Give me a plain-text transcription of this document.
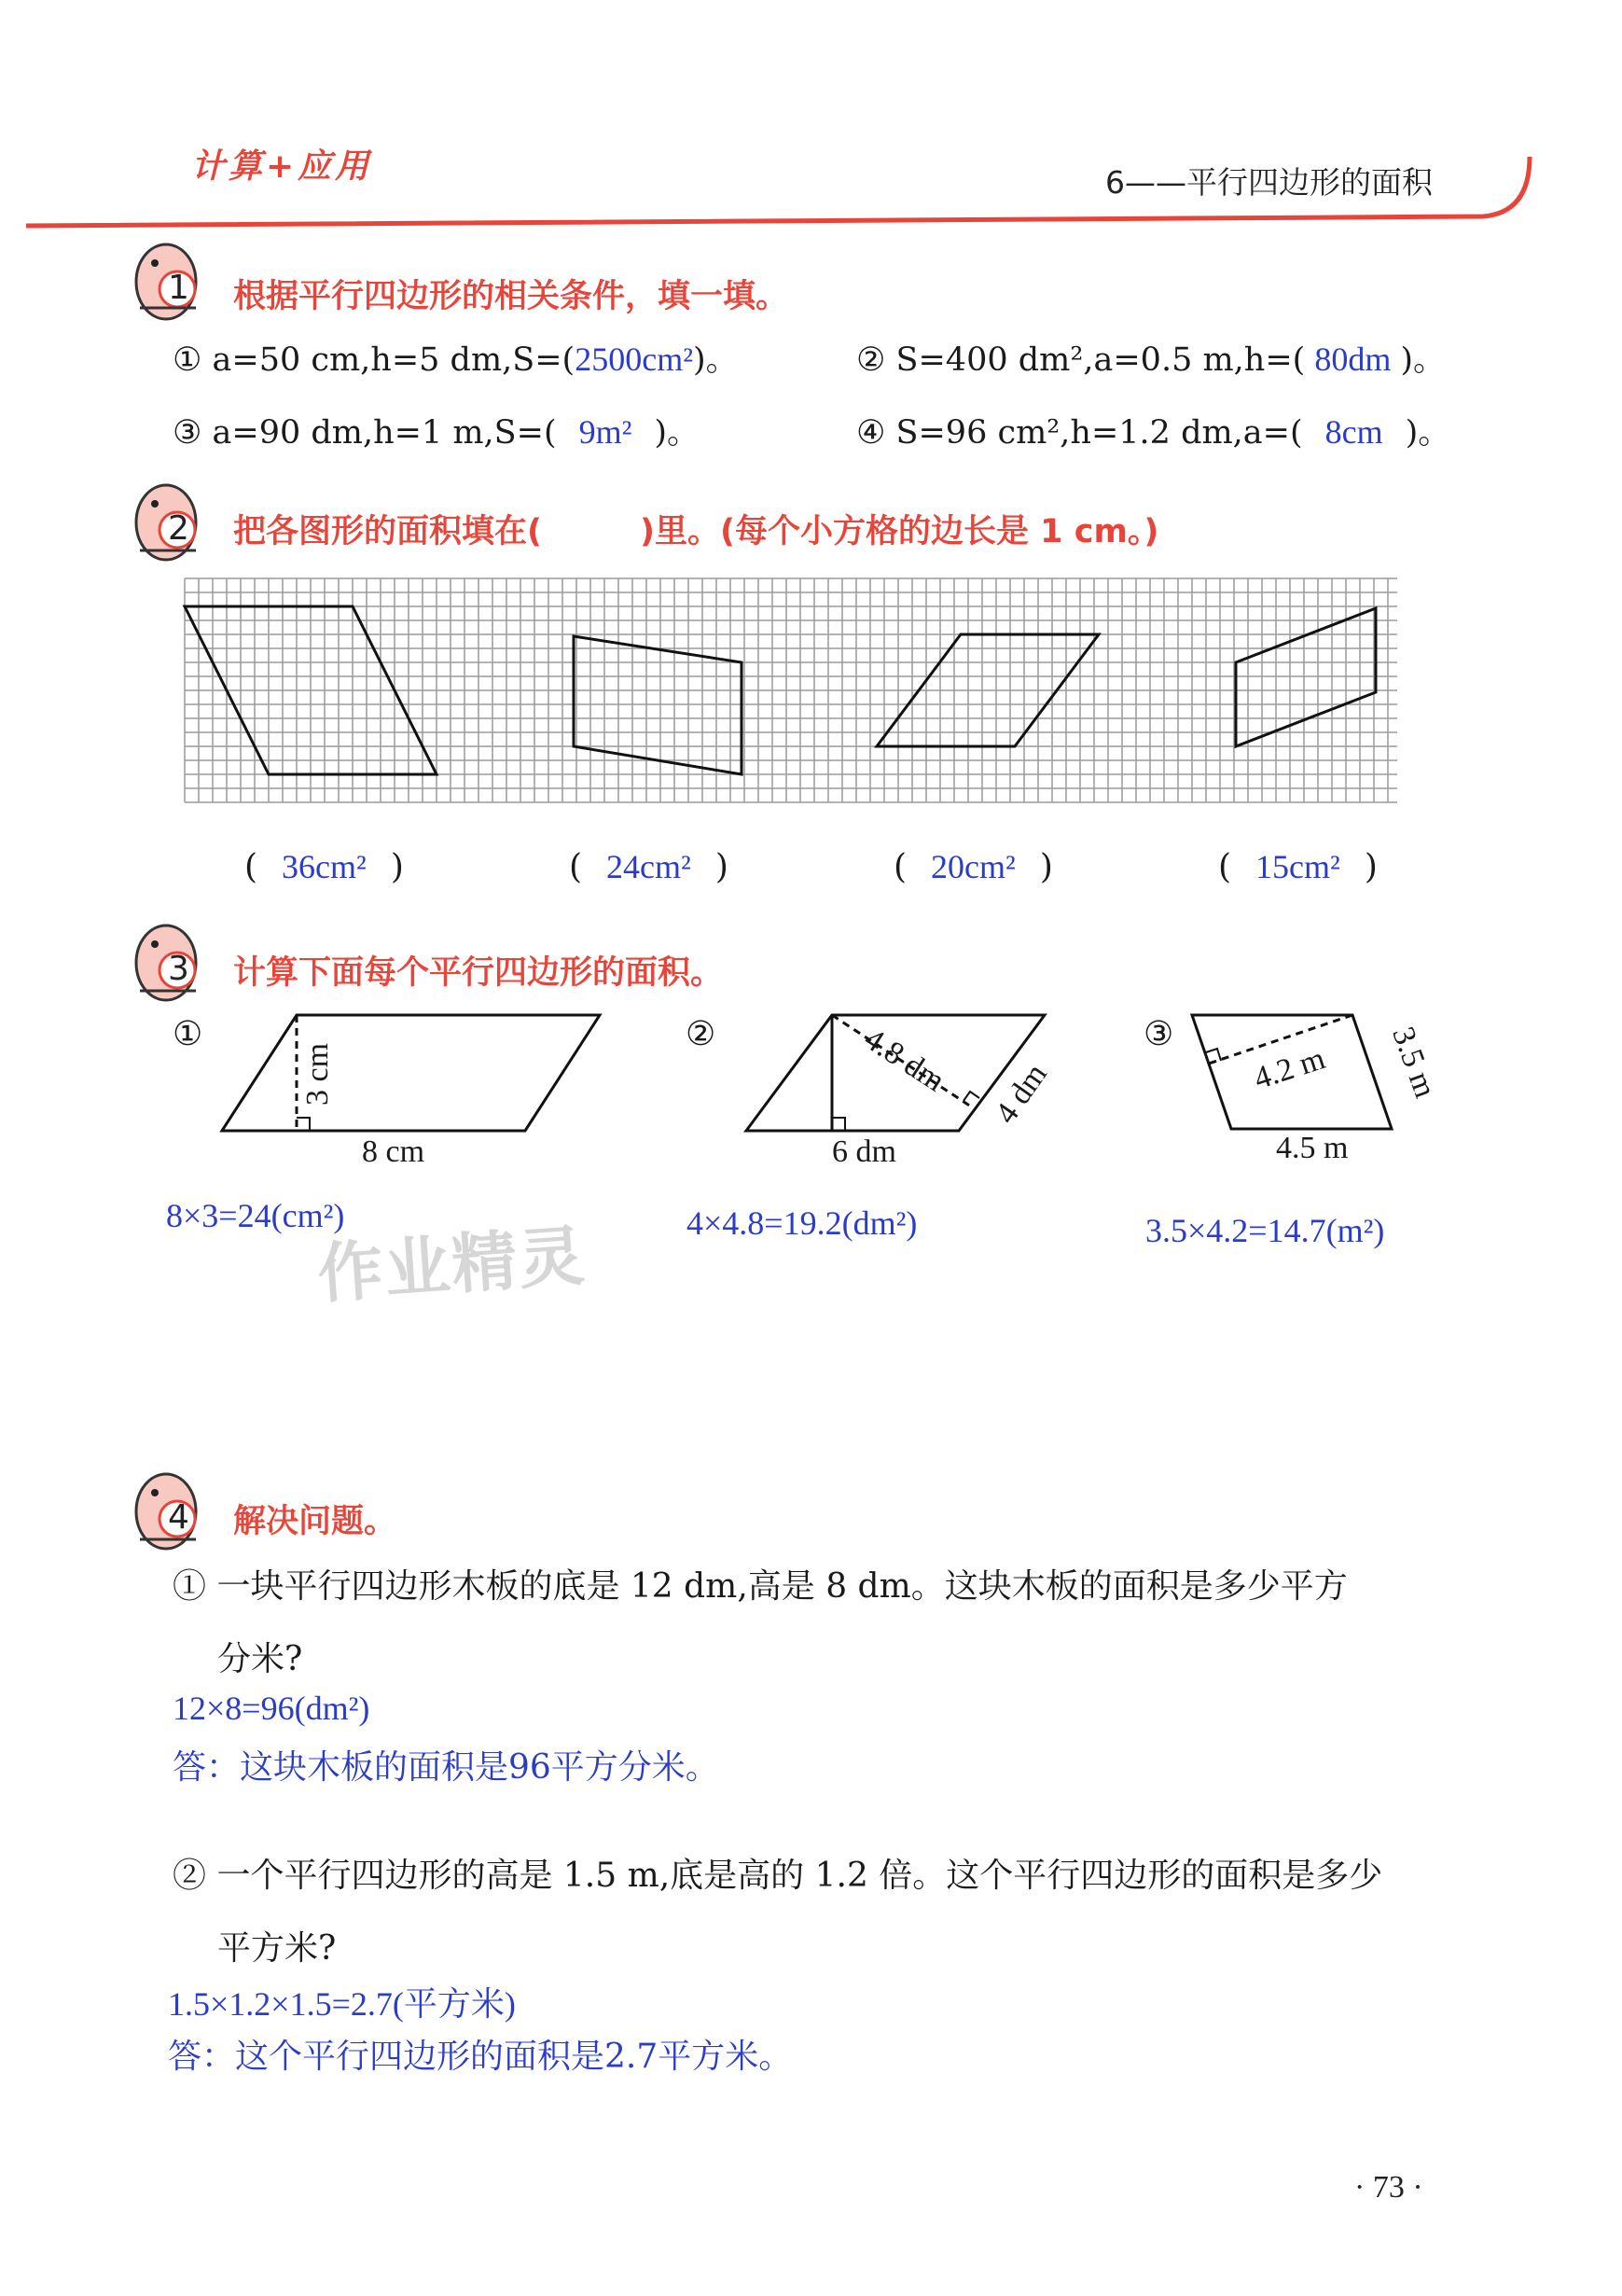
计算+应用	6——平行四边形的面积
1 根据平行四边形的相关条件，填一填。
① a=50 cm,h=5 dm,S=(2500cm²)。	② S=400 dm²,a=0.5 m,h=( 80dm )。
③ a=90 dm,h=1 m,S=( 9m² )。	④ S=96 cm²,h=1.2 dm,a=( 8cm )。
2 把各图形的面积填在(　　　)里。(每个小方格的边长是 1 cm。)
( 36cm² )	( 24cm² )	( 20cm² )	( 15cm² )
3 计算下面每个平行四边形的面积。
①	②	③
3 cm
8 cm
4.8 dm 4 dm
6 dm
4.2 m 3.5 m
4.5 m
8×3=24(cm²)	4×4.8=19.2(dm²)	3.5×4.2=14.7(m²)
作业精灵
4 解决问题。
① 一块平行四边形木板的底是 12 dm,高是 8 dm。这块木板的面积是多少平方
分米?
12×8=96(dm²)
答：这块木板的面积是96平方分米。
② 一个平行四边形的高是 1.5 m,底是高的 1.2 倍。这个平行四边形的面积是多少
平方米?
1.5×1.2×1.5=2.7(平方米)
答：这个平行四边形的面积是2.7平方米。
· 73 ·
